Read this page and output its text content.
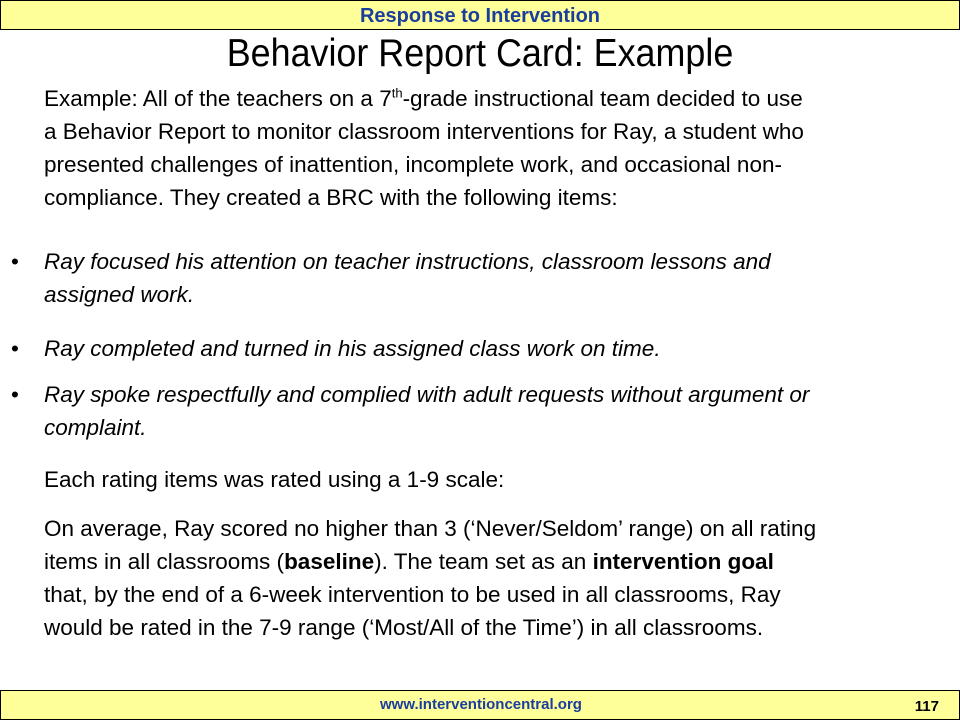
Response to Intervention
Behavior Report Card: Example
Example: All of the teachers on a 7th-grade instructional team decided to use
a Behavior Report to monitor classroom interventions for Ray, a student who
presented challenges of inattention, incomplete work, and occasional non-
compliance. They created a BRC with the following items:
• Ray focused his attention on teacher instructions, classroom lessons and
assigned work.
• Ray completed and turned in his assigned class work on time.
• Ray spoke respectfully and complied with adult requests without argument or
complaint.
Each rating items was rated using a 1-9 scale:
On average, Ray scored no higher than 3 (‘Never/Seldom’ range) on all rating
items in all classrooms (baseline). The team set as an intervention goal
that, by the end of a 6-week intervention to be used in all classrooms, Ray
would be rated in the 7-9 range (‘Most/All of the Time’) in all classrooms.
www.interventioncentral.org	117
